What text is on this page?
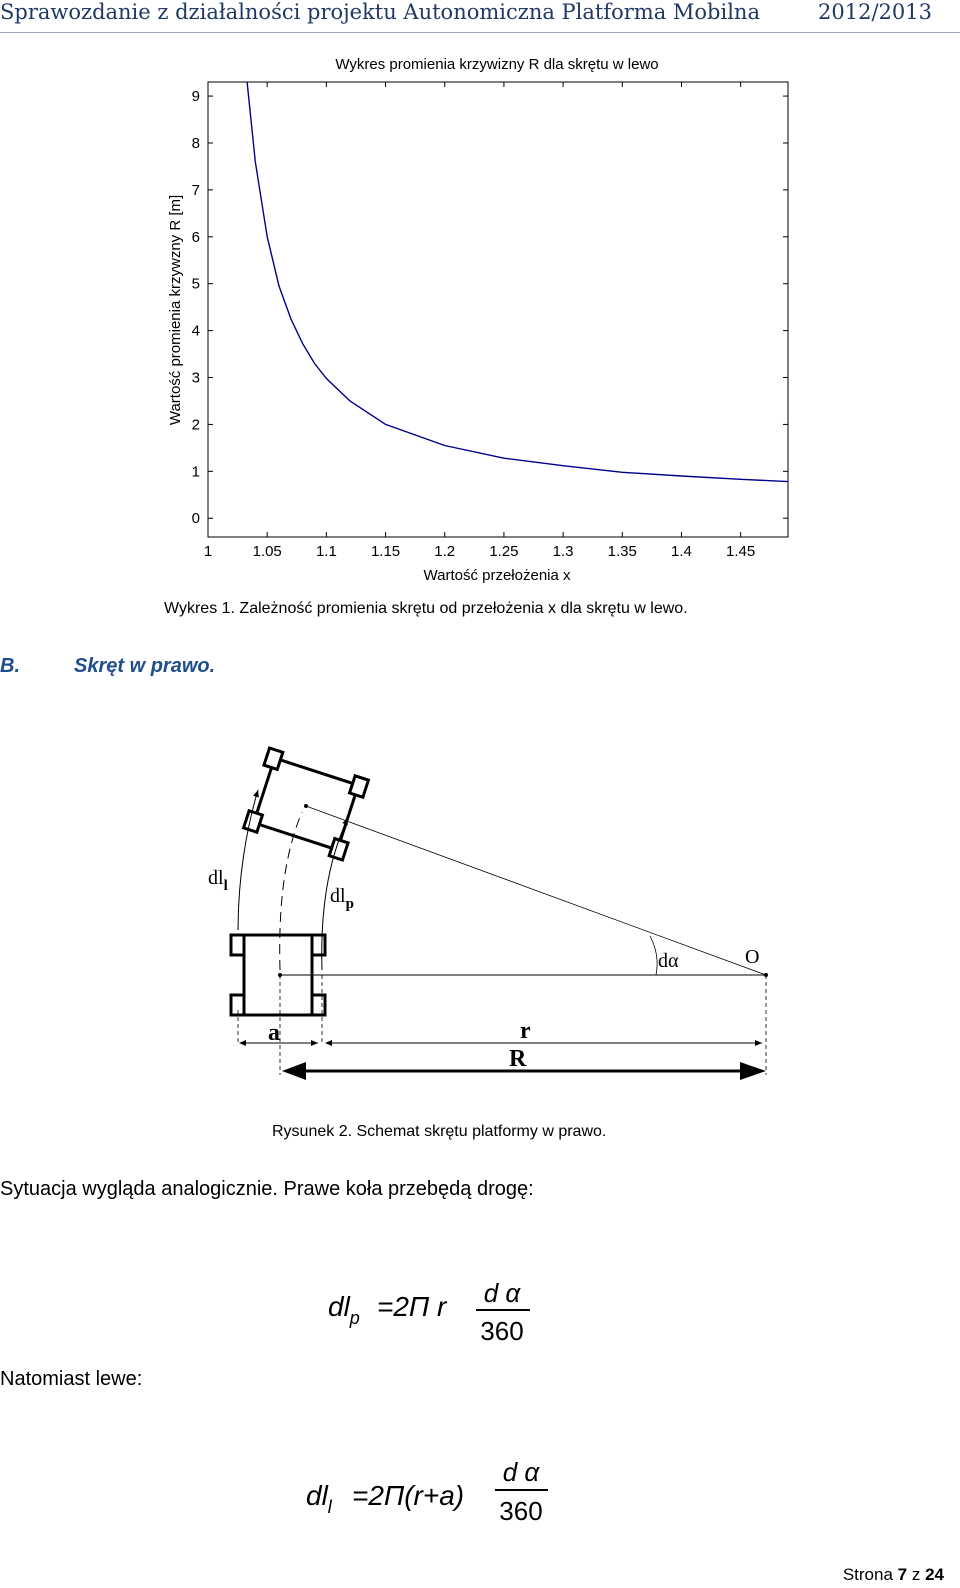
Sprawozdanie z działalności projektu Autonomiczna Platforma Mobilna	2012/2013
Wykres promienia krzywizny R dla skrętu w lewo
1	1.05 1.1 1.15 1.2 1.25 1.3 1.35 1.4 1.45
0
1
2
3
4
5
6
7
8
9
Wartość przełożenia x
Wartość promienia krzywzny R [m]
Wykres 1. Zależność promienia skrętu od przełożenia x dla skrętu w lewo.
B.	Skręt w prawo.
$dl_l$	$dl_p$
dα	O
a	r
R
Rysunek 2. Schemat skrętu platformy w prawo.
Sytuacja wygląda analogicznie. Prawe koła przebędą drogę:
$dl_p =2\Pi$ r d α
360
Natomiast lewe:
$dl_l =2\Pi(r+a)$
d α
360
Strona 7 z 24
